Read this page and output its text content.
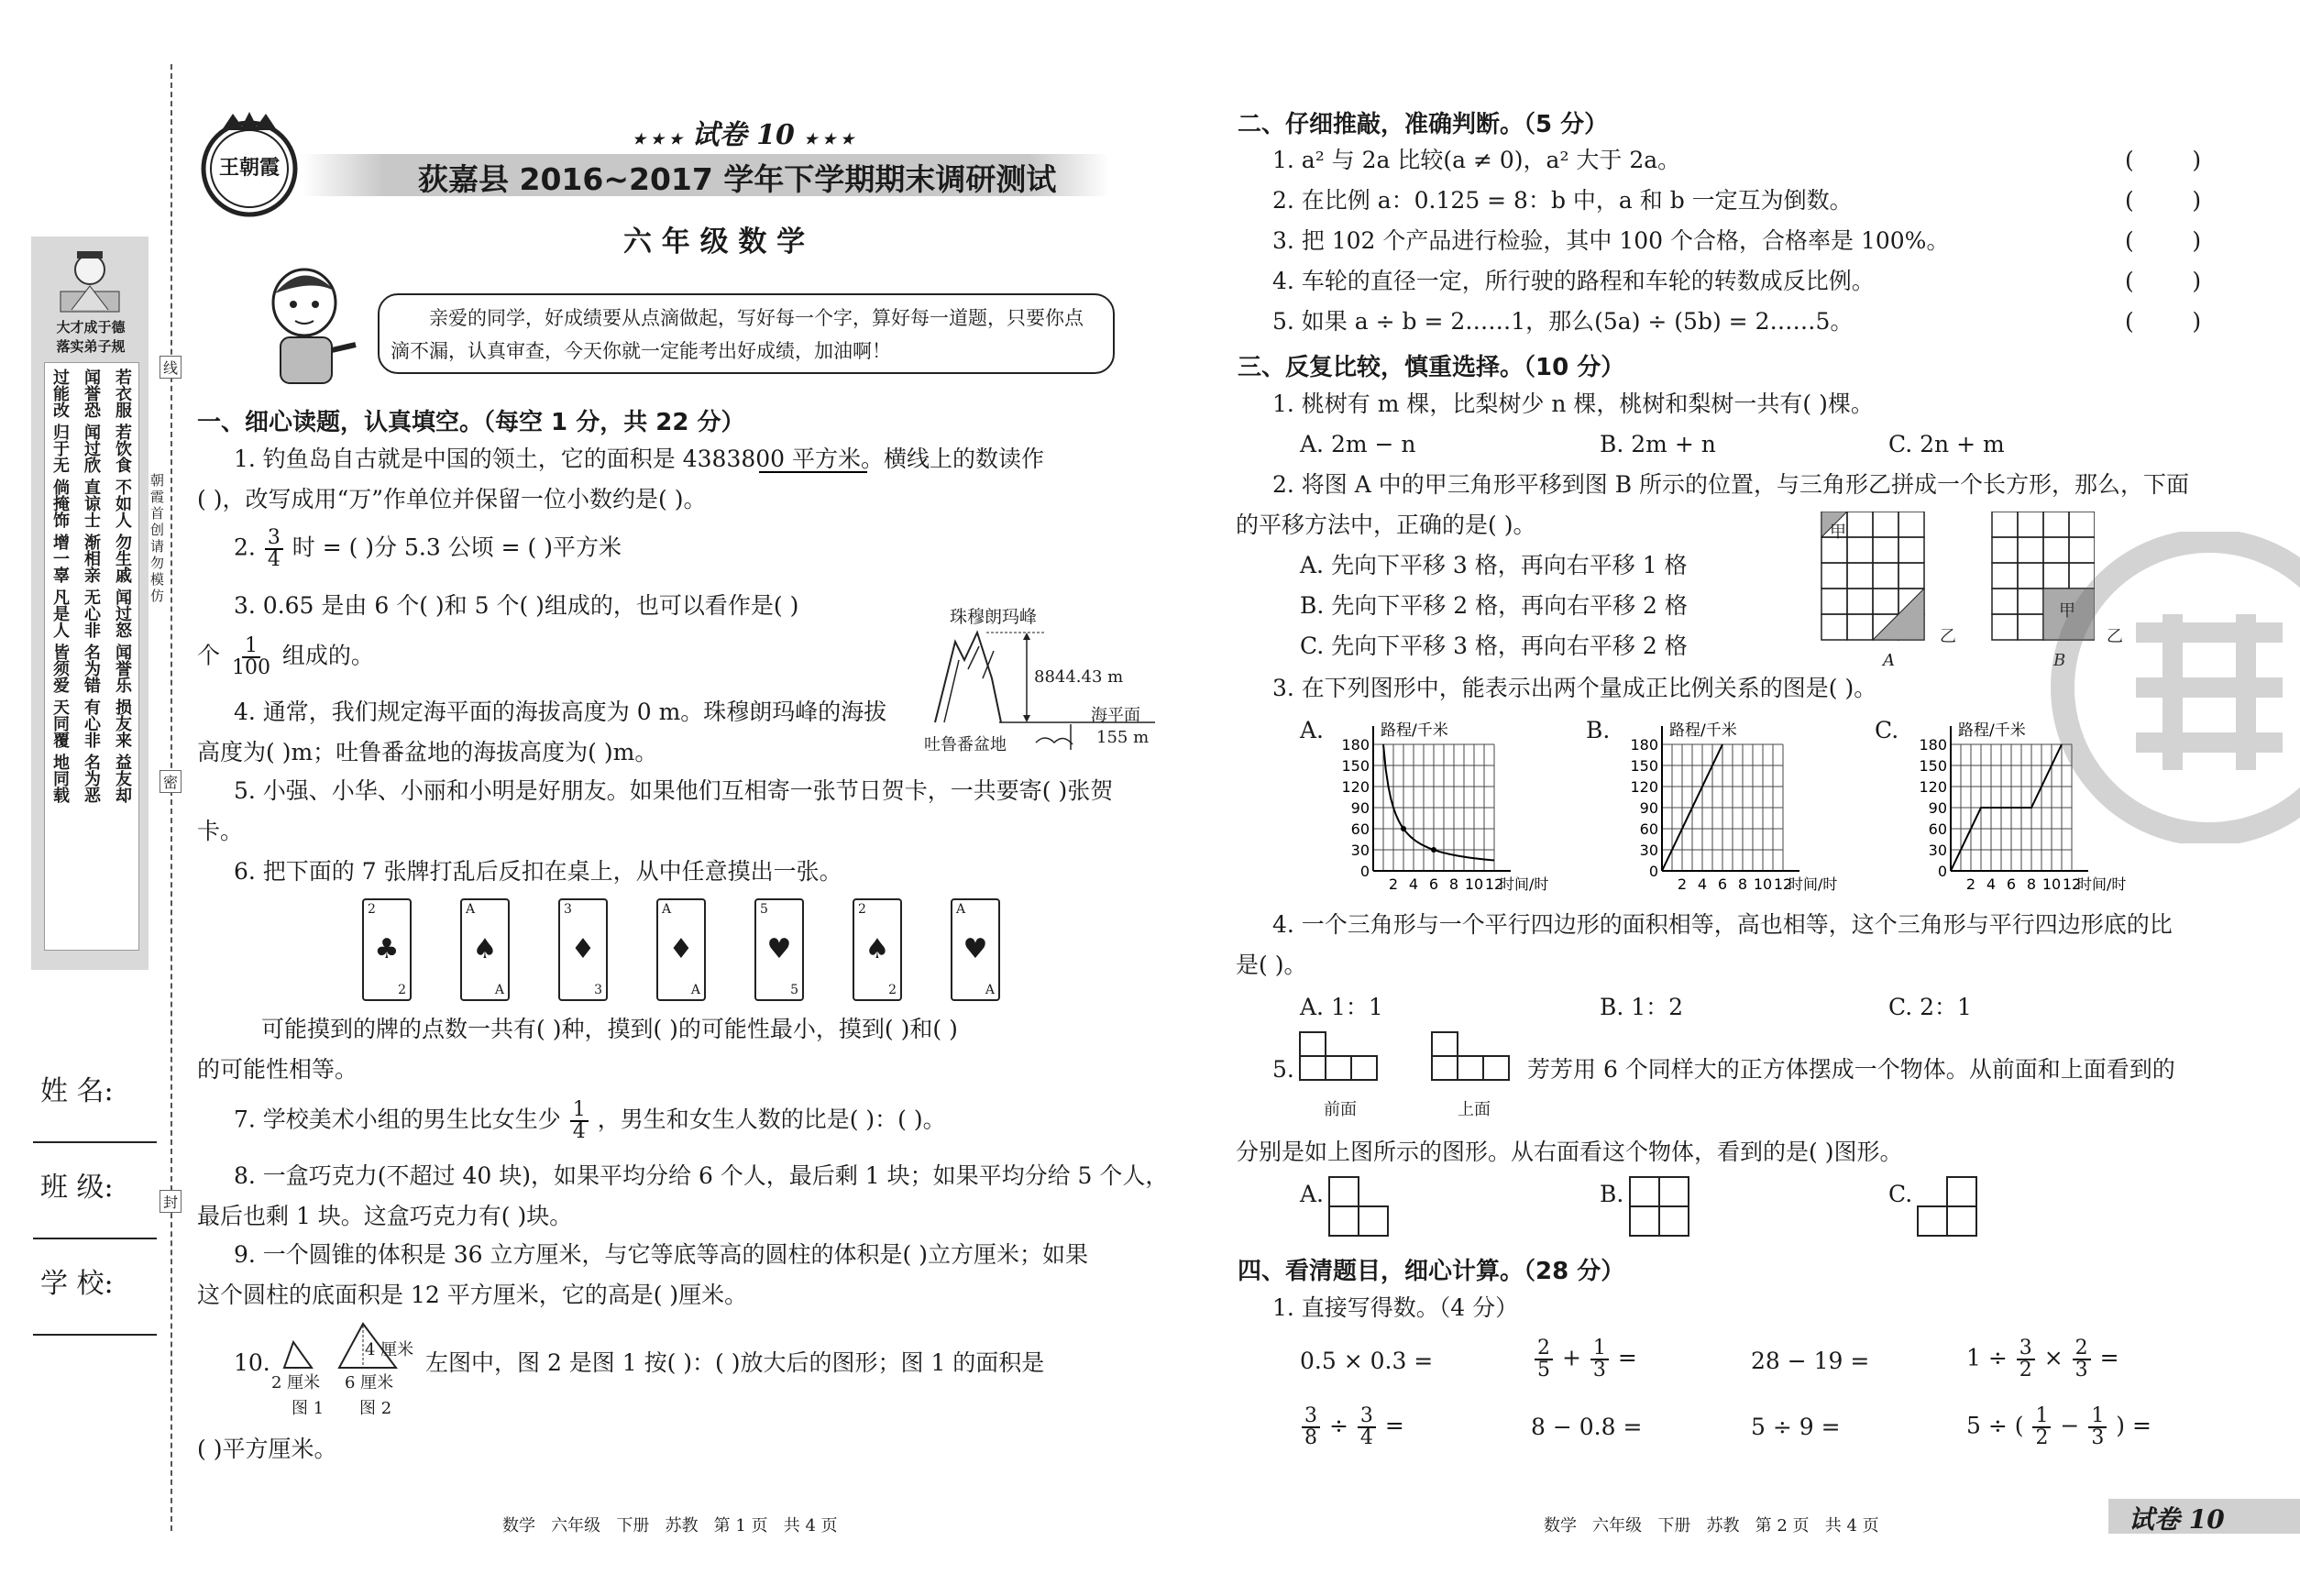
大才成于德
落实弟子规
过能改 闻誉恐 若衣服
归于无 闻过欣 若饮食
倘掩饰 直谅士 不如人
增一辜 渐相亲 勿生戚
凡是人 无心非 闻过怒
皆须爱 名为错 闻誉乐
天同覆 有心非 损友来
地同载 名为恶 益友却
姓 名:
班 级:
学 校:
线
朝霞首创 请勿模仿
密
封
王朝霞
★ ★ ★ 试卷 10 ★ ★ ★
荻嘉县 2016~2017 学年下学期期末调研测试
六 年 级 数 学
亲爱的同学，好成绩要从点滴做起，写好每一个字，算好每一道题，只要你点
滴不漏，认真审查，今天你就一定能考出好成绩，加油啊！
一、细心读题，认真填空。（每空 1 分，共 22 分）
1. 钓鱼岛自古就是中国的领土，它的面积是 4383800 平方米。横线上的数读作
( )，改写成用“万”作单位并保留一位小数约是( )。
2. $\frac{3}{4}$ 时 = ( )分 5.3 公顷 = ( )平方米
3. 0.65 是由 6 个( )和 5 个( )组成的，也可以看作是( )
个 $\frac{1}{100}$ 组成的。
4. 通常，我们规定海平面的海拔高度为 0 m。珠穆朗玛峰的海拔
高度为( )m；吐鲁番盆地的海拔高度为( )m。
珠穆朗玛峰
8844.43 m
海平面
吐鲁番盆地	155 m
5. 小强、小华、小丽和小明是好朋友。如果他们互相寄一张节日贺卡，一共要寄( )张贺
卡。
6. 把下面的 7 张牌打乱后反扣在桌上，从中任意摸出一张。
2
♣
2
A
♠
A
3
♦
3
A
♦
A
5
♥
5
2
♠
2
A
♥
A
可能摸到的牌的点数一共有( )种，摸到( )的可能性最小，摸到( )和( )
的可能性相等。
7. 学校美术小组的男生比女生少 $\frac{1}{4}$ ，男生和女生人数的比是( )：( )。
8. 一盒巧克力(不超过 40 块)，如果平均分给 6 个人，最后剩 1 块；如果平均分给 5 个人，
最后也剩 1 块。这盒巧克力有( )块。
9. 一个圆锥的体积是 36 立方厘米，与它等底等高的圆柱的体积是( )立方厘米；如果
这个圆柱的底面积是 12 平方厘米，它的高是( )厘米。
10.
2 厘米
图 1
4 厘米
6 厘米
图 2
左图中，图 2 是图 1 按( )：( )放大后的图形；图 1 的面积是
( )平方厘米。
数学   六年级   下册   苏教   第 1 页   共 4 页
二、仔细推敲，准确判断。（5 分）
1. a² 与 2a 比较(a ≠ 0)，a² 大于 2a。	(        )
2. 在比例 a：0.125 = 8：b 中，a 和 b 一定互为倒数。	(        )
3. 把 102 个产品进行检验，其中 100 个合格，合格率是 100%。	(        )
4. 车轮的直径一定，所行驶的路程和车轮的转数成反比例。	(        )
5. 如果 a ÷ b = 2……1，那么(5a) ÷ (5b) = 2……5。	(        )
三、反复比较，慎重选择。（10 分）
1. 桃树有 m 棵，比梨树少 n 棵，桃树和梨树一共有( )棵。
A. 2m − n	B. 2m + n	C. 2n + m
2. 将图 A 中的甲三角形平移到图 B 所示的位置，与三角形乙拼成一个长方形，那么，下面
的平移方法中，正确的是( )。
A. 先向下平移 3 格，再向右平移 1 格
B. 先向下平移 2 格，再向右平移 2 格
C. 先向下平移 3 格，再向右平移 2 格
甲
乙
甲
乙
A	B
3. 在下列图形中，能表示出两个量成正比例关系的图是( )。
A.	B.	C.
180
150
120
90
60
30
0
2 4 6 8 10 12
路程/千米
时间/时
180
150
120
90
60
30
0
2 4 6 8 10 12
路程/千米
时间/时
180
150
120
90
60
30
0
2 4 6 8 10 12
路程/千米
时间/时
4. 一个三角形与一个平行四边形的面积相等，高也相等，这个三角形与平行四边形底的比
是( )。
A. 1：1	B. 1：2	C. 2：1
5.
前面	上面
芳芳用 6 个同样大的正方体摆成一个物体。从前面和上面看到的
分别是如上图所示的图形。从右面看这个物体，看到的是( )图形。
A.	B.	C.
四、看清题目，细心计算。（28 分）
1. 直接写得数。（4 分）
0.5 × 0.3 =	$\frac{2}{5} + \frac{1}{3}$ =	28 − 19 =	$1 \div \frac{3}{2} \times \frac{2}{3}$ =
$\frac{3}{8} \div \frac{3}{4}$ =	8 − 0.8 =	5 ÷ 9 =	5 ÷ ( $\frac{1}{2} - \frac{1}{3}$ ) =
数学   六年级   下册   苏教   第 2 页   共 4 页	试卷 10
